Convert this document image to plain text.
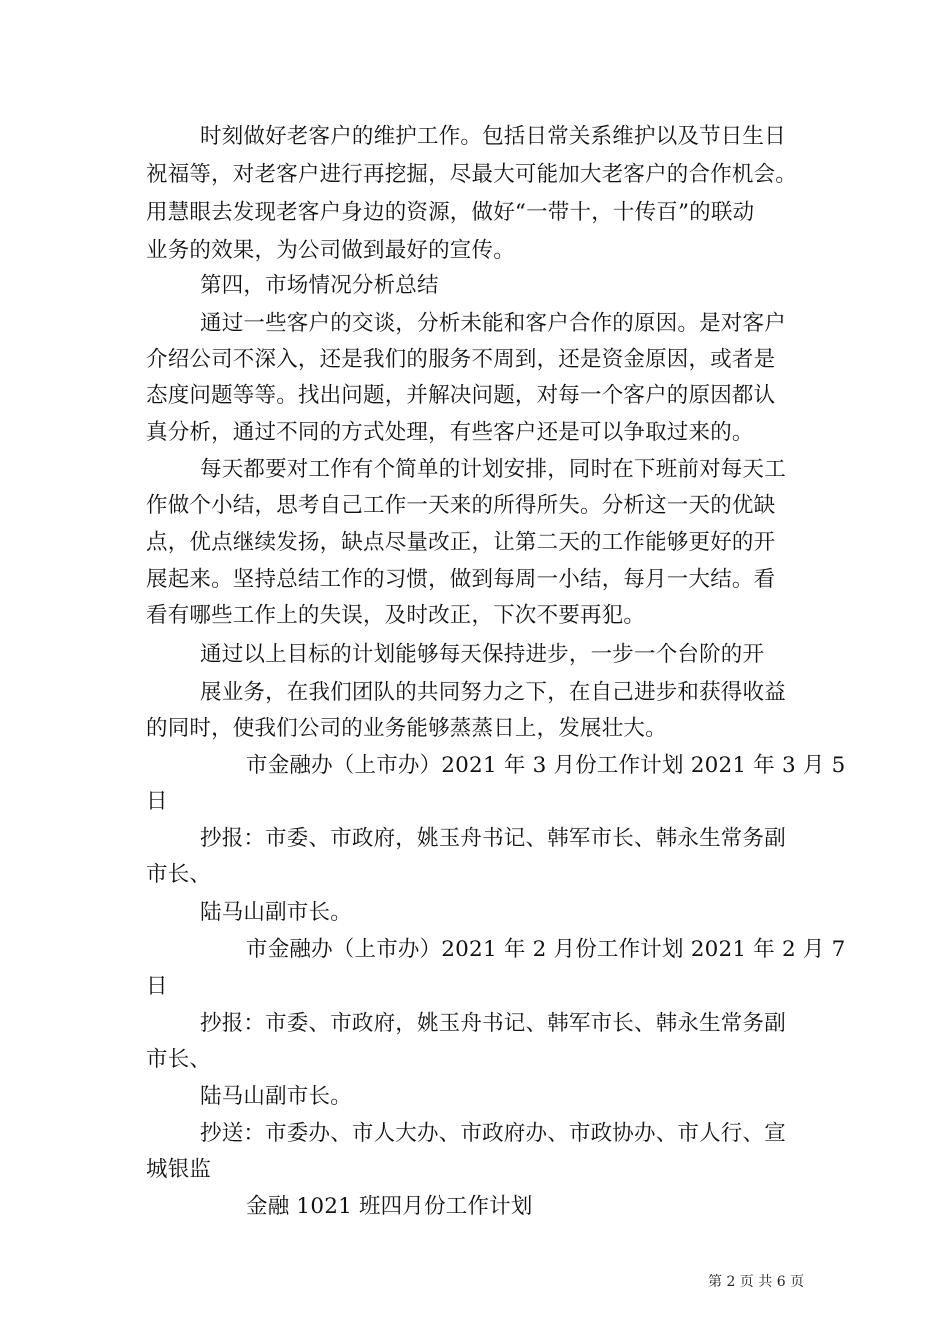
时刻做好老客户的维护工作。包括日常关系维护以及节日生日

祝福等，对老客户进行再挖掘，尽最大可能加大老客户的合作机会。

用慧眼去发现老客户身边的资源，做好“一带十，十传百”的联动

业务的效果，为公司做到最好的宣传。

第四，市场情况分析总结

通过一些客户的交谈，分析未能和客户合作的原因。是对客户

介绍公司不深入，还是我们的服务不周到，还是资金原因，或者是

态度问题等等。找出问题，并解决问题，对每一个客户的原因都认

真分析，通过不同的方式处理，有些客户还是可以争取过来的。

每天都要对工作有个简单的计划安排，同时在下班前对每天工

作做个小结，思考自己工作一天来的所得所失。分析这一天的优缺

点，优点继续发扬，缺点尽量改正，让第二天的工作能够更好的开

展起来。坚持总结工作的习惯，做到每周一小结，每月一大结。看

看有哪些工作上的失误，及时改正，下次不要再犯。

通过以上目标的计划能够每天保持进步，一步一个台阶的开

展业务，在我们团队的共同努力之下，在自己进步和获得收益

的同时，使我们公司的业务能够蒸蒸日上，发展壮大。

市金融办（上市办）2021 年 3 月份工作计划 2021 年 3 月 5

日

抄报：市委、市政府，姚玉舟书记、韩军市长、韩永生常务副

市长、

陆马山副市长。

市金融办（上市办）2021 年 2 月份工作计划 2021 年 2 月 7

日

抄报：市委、市政府，姚玉舟书记、韩军市长、韩永生常务副

市长、

陆马山副市长。

抄送：市委办、市人大办、市政府办、市政协办、市人行、宣

城银监

金融 1021 班四月份工作计划

第 2 页 共 6 页
